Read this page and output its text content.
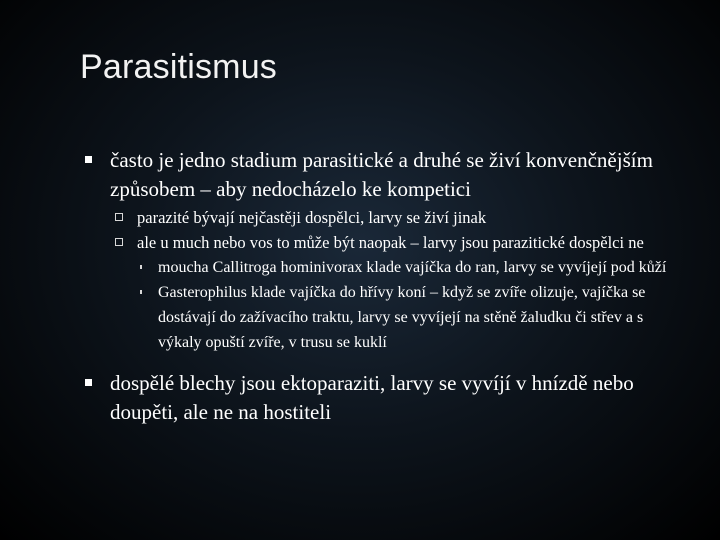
Parasitismus
často je jedno stadium parasitické a druhé se živí konvenčnějším způsobem – aby nedocházelo ke kompetici
parazité bývají nejčastěji dospělci, larvy se živí jinak
ale u much nebo vos to může být naopak – larvy jsou parazitické dospělci ne
moucha Callitroga hominivorax klade vajíčka do ran, larvy se vyvíjejí pod kůží
Gasterophilus klade vajíčka do hřívy koní – když se zvíře olizuje, vajíčka se dostávají do zažívacího traktu, larvy se vyvíjejí na stěně žaludku či střev a s výkaly opuští zvíře, v trusu se kuklí
dospělé blechy jsou ektoparaziti, larvy se vyvíjí v hnízdě nebo doupěti, ale ne na hostiteli
